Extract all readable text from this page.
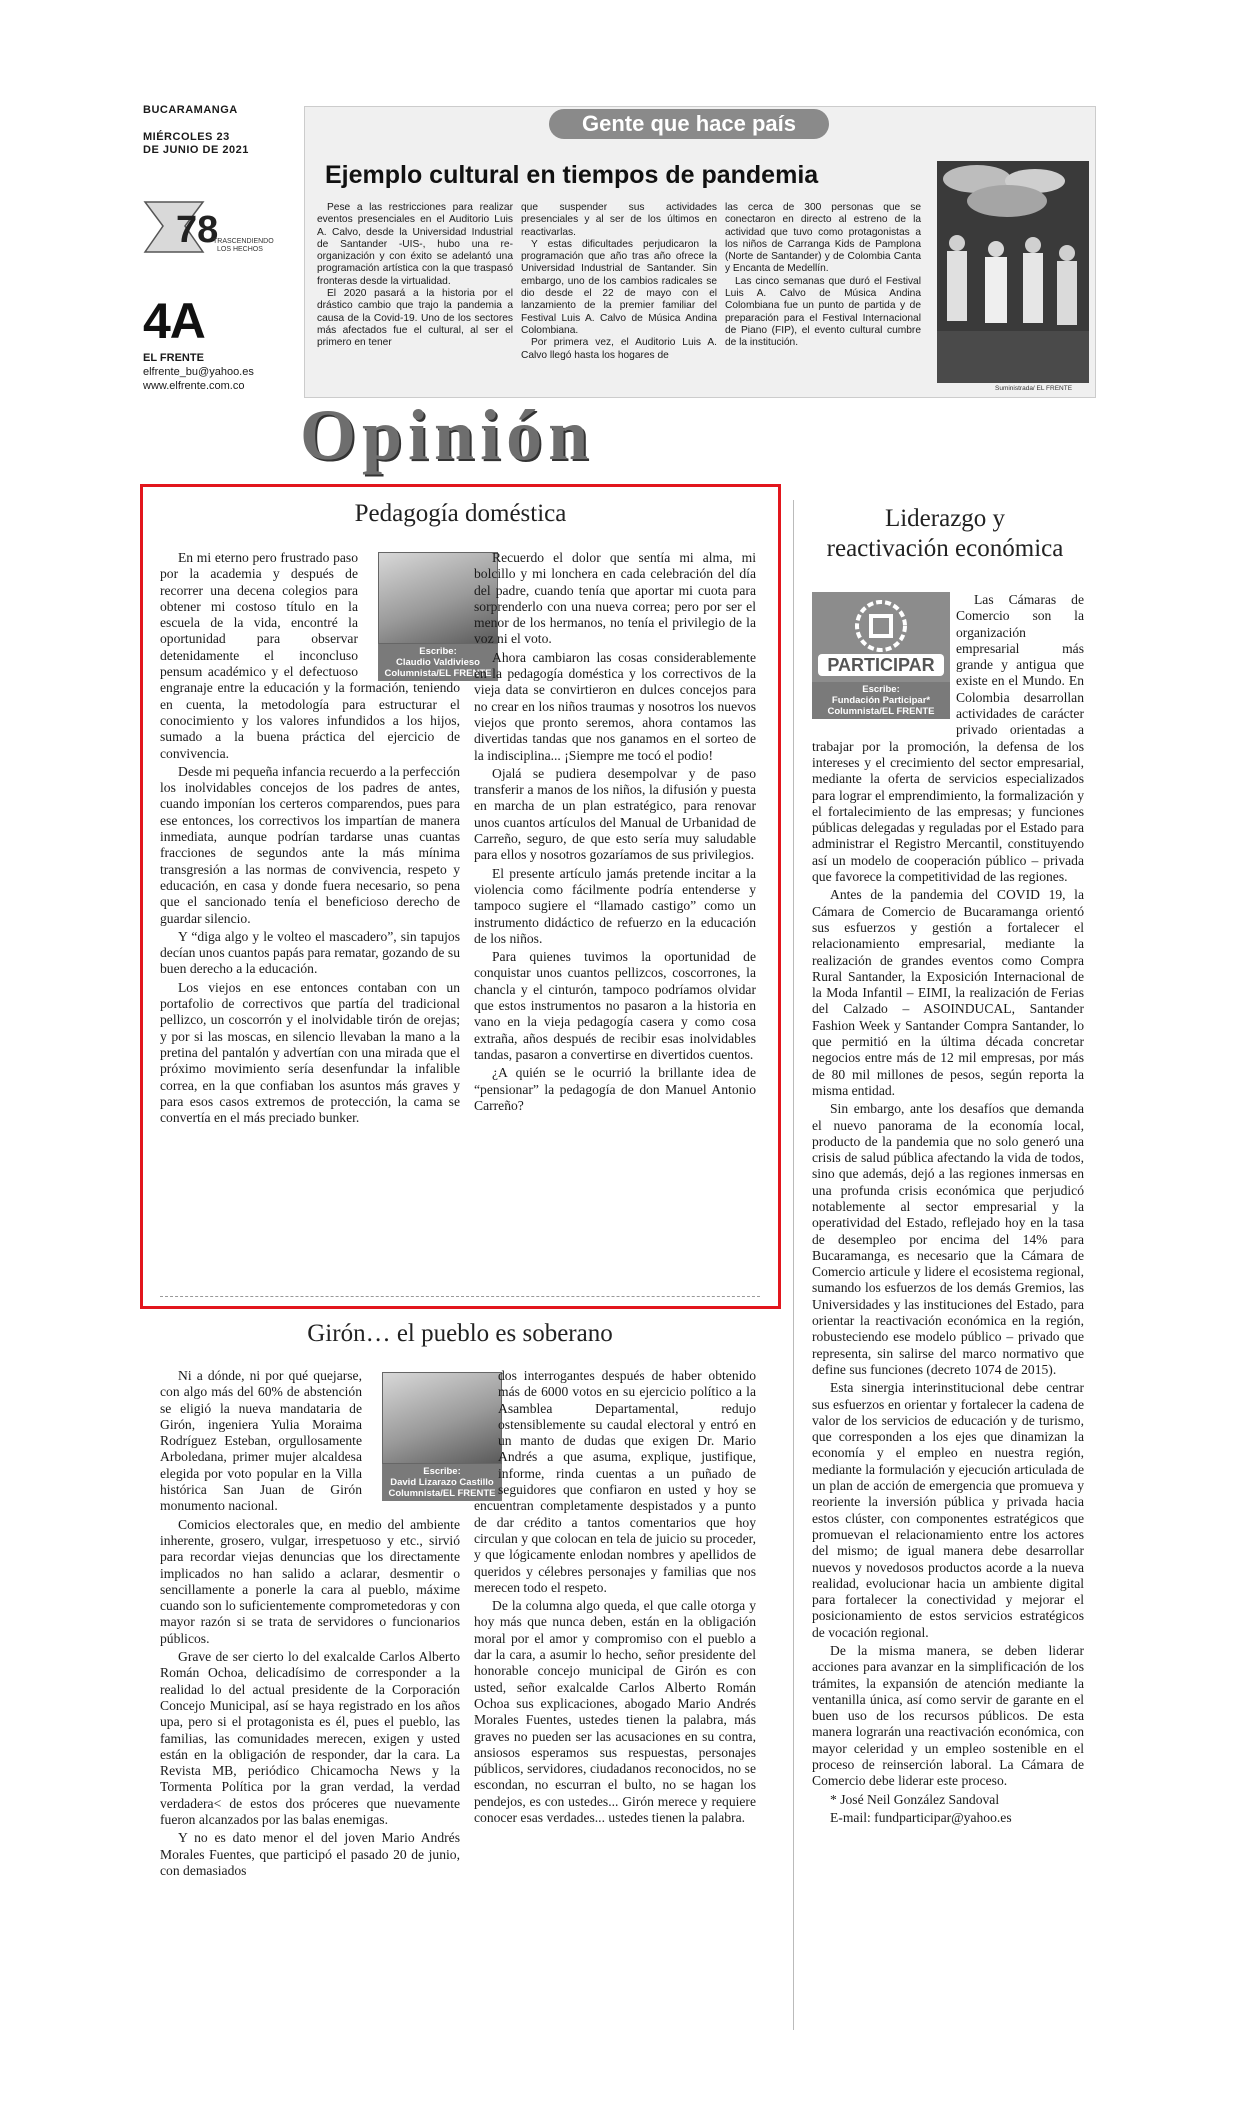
BUCARAMANGA
MIÉRCOLES 23
DE JUNIO DE 2021
78
TRASCENDIENDO
LOS HECHOS
4A
EL FRENTE
elfrente_bu@yahoo.es
www.elfrente.com.co
Gente que hace país
Ejemplo cultural en tiempos de pandemia

Pese a las restricciones para realizar eventos presenciales en el Auditorio Luis A. Calvo, desde la Universidad Industrial de Santander -UIS-, hubo una re- organización y con éxito se adelantó una programación artística con la que traspasó fronteras desde la virtualidad.

El 2020 pasará a la historia por el drástico cambio que trajo la pandemia a causa de la Covid-19. Uno de los sectores más afectados fue el cultural, al ser el primero en tener

que suspender sus actividades presenciales y al ser de los últimos en reactivarlas.

Y estas dificultades perjudicaron la programación que año tras año ofrece la Universidad Industrial de Santander. Sin embargo, uno de los cambios radicales se dio desde el 22 de mayo con el lanzamiento de la premier familiar del Festival Luis A. Calvo de Música Andina Colombiana.

Por primera vez, el Auditorio Luis A. Calvo llegó hasta los hogares de

las cerca de 300 personas que se conectaron en directo al estreno de la actividad que tuvo como protagonistas a los niños de Carranga Kids de Pamplona (Norte de Santander) y de Colombia Canta y Encanta de Medellín.

Las cinco semanas que duró el Festival Luis A. Calvo de Música Andina Colombiana fue un punto de partida y de preparación para el Festival Internacional de Piano (FIP), el evento cultural cumbre de la institución.

Suministrada/ EL FRENTE
Opinión
Pedagogía doméstica
Escribe:
Claudio Valdivieso
Columnista/EL FRENTE

En mi eterno pero frustrado paso por la academia y después de recorrer una decena colegios para obtener mi costoso título en la escuela de la vida, encontré la oportunidad para observar detenidamente el inconcluso pensum académico y el defectuoso engranaje entre la educación y la formación, teniendo en cuenta, la metodología para estructurar el conocimiento y los valores infundidos a los hijos, sumado a la buena práctica del ejercicio de convivencia.

Desde mi pequeña infancia recuerdo a la perfección los inolvidables concejos de los padres de antes, cuando imponían los certeros comparendos, pues para ese entonces, los correctivos los impartían de manera inmediata, aunque podrían tardarse unas cuantas fracciones de segundos ante la más mínima transgresión a las normas de convivencia, respeto y educación, en casa y donde fuera necesario, so pena que el sancionado tenía el beneficioso derecho de guardar silencio.

Y “diga algo y le volteo el mascadero”, sin tapujos decían unos cuantos papás para rematar, gozando de su buen derecho a la educación.

Los viejos en ese entonces contaban con un portafolio de correctivos que partía del tradicional pellizco, un coscorrón y el inolvidable tirón de orejas; y por si las moscas, en silencio llevaban la mano a la pretina del pantalón y advertían con una mirada que el próximo movimiento sería desenfundar la infalible correa, en la que confiaban los asuntos más graves y para esos casos extremos de protección, la cama se convertía en el más preciado bunker.

Recuerdo el dolor que sentía mi alma, mi bolcillo y mi lonchera en cada celebración del día del padre, cuando tenía que aportar mi cuota para sorprenderlo con una nueva correa; pero por ser el menor de los hermanos, no tenía el privilegio de la voz ni el voto.

Ahora cambiaron las cosas considerablemente en la pedagogía doméstica y los correctivos de la vieja data se convirtieron en dulces concejos para no crear en los niños traumas y nosotros los nuevos viejos que pronto seremos, ahora contamos las divertidas tandas que nos ganamos en el sorteo de la indisciplina... ¡Siempre me tocó el podio!

Ojalá se pudiera desempolvar y de paso transferir a manos de los niños, la difusión y puesta en marcha de un plan estratégico, para renovar unos cuantos artículos del Manual de Urbanidad de Carreño, seguro, de que esto sería muy saludable para ellos y nosotros gozaríamos de sus privilegios.

El presente artículo jamás pretende incitar a la violencia como fácilmente podría entenderse y tampoco sugiere el “llamado castigo” como un instrumento didáctico de refuerzo en la educación de los niños.

Para quienes tuvimos la oportunidad de conquistar unos cuantos pellizcos, coscorrones, la chancla y el cinturón, tampoco podríamos olvidar que estos instrumentos no pasaron a la historia en vano en la vieja pedagogía casera y como cosa extraña, años después de recibir esas inolvidables tandas, pasaron a convertirse en divertidos cuentos.

¿A quién se le ocurrió la brillante idea de “pensionar” la pedagogía de don Manuel Antonio Carreño?

Girón… el pueblo es soberano
Escribe:
David Lizarazo Castillo
Columnista/EL FRENTE

Ni a dónde, ni por qué quejarse, con algo más del 60% de abstención se eligió la nueva mandataria de Girón, ingeniera Yulia Moraima Rodríguez Esteban, orgullosamente Arboledana, primer mujer alcaldesa elegida por voto popular en la Villa histórica San Juan de Girón monumento nacional.

Comicios electorales que, en medio del ambiente inherente, grosero, vulgar, irrespetuoso y etc., sirvió para recordar viejas denuncias que los directamente implicados no han salido a aclarar, desmentir o sencillamente a ponerle la cara al pueblo, máxime cuando son lo suficientemente comprometedoras y con mayor razón si se trata de servidores o funcionarios públicos.

Grave de ser cierto lo del exalcalde Carlos Alberto Román Ochoa, delicadísimo de corresponder a la realidad lo del actual presidente de la Corporación Concejo Municipal, así se haya registrado en los años upa, pero si el protagonista es él, pues el pueblo, las familias, las comunidades merecen, exigen y usted están en la obligación de responder, dar la cara. La Revista MB, periódico Chicamocha News y la Tormenta Política por la gran verdad, la verdad verdadera< de estos dos próceres que nuevamente fueron alcanzados por las balas enemigas.

Y no es dato menor el del joven Mario Andrés Morales Fuentes, que participó el pasado 20 de junio, con demasiados

dos interrogantes después de haber obtenido más de 6000 votos en su ejercicio político a la Asamblea Departamental, redujo ostensiblemente su caudal electoral y entró en un manto de dudas que exigen Dr. Mario Andrés a que asuma, explique, justifique, informe, rinda cuentas a un puñado de seguidores que confiaron en usted y hoy se encuentran completamente despistados y a punto de dar crédito a tantos comentarios que hoy circulan y que colocan en tela de juicio su proceder, y que lógicamente enlodan nombres y apellidos de queridos y célebres personajes y familias que nos merecen todo el respeto.

De la columna algo queda, el que calle otorga y hoy más que nunca deben, están en la obligación moral por el amor y compromiso con el pueblo a dar la cara, a asumir lo hecho, señor presidente del honorable concejo municipal de Girón es con usted, señor exalcalde Carlos Alberto Román Ochoa sus explicaciones, abogado Mario Andrés Morales Fuentes, ustedes tienen la palabra, más graves no pueden ser las acusaciones en su contra, ansiosos esperamos sus respuestas, personajes públicos, servidores, ciudadanos reconocidos, no se escondan, no escurran el bulto, no se hagan los pendejos, es con ustedes... Girón merece y requiere conocer esas verdades... ustedes tienen la palabra.

Liderazgo y
reactivación económica
PARTICIPAR
Escribe:
Fundación Participar*
Columnista/EL FRENTE

Las Cámaras de Comercio son la organización empresarial más grande y antigua que existe en el Mundo. En Colombia desarrollan actividades de carácter privado orientadas a trabajar por la promoción, la defensa de los intereses y el crecimiento del sector empresarial, mediante la oferta de servicios especializados para lograr el emprendimiento, la formalización y el fortalecimiento de las empresas; y funciones públicas delegadas y reguladas por el Estado para administrar el Registro Mercantil, constituyendo así un modelo de cooperación público – privada que favorece la competitividad de las regiones.

Antes de la pandemia del COVID 19, la Cámara de Comercio de Bucaramanga orientó sus esfuerzos y gestión a fortalecer el relacionamiento empresarial, mediante la realización de grandes eventos como Compra Rural Santander, la Exposición Internacional de la Moda Infantil – EIMI, la realización de Ferias del Calzado – ASOINDUCAL, Santander Fashion Week y Santander Compra Santander, lo que permitió en la última década concretar negocios entre más de 12 mil empresas, por más de 80 mil millones de pesos, según reporta la misma entidad.

Sin embargo, ante los desafíos que demanda el nuevo panorama de la economía local, producto de la pandemia que no solo generó una crisis de salud pública afectando la vida de todos, sino que además, dejó a las regiones inmersas en una profunda crisis económica que perjudicó notablemente al sector empresarial y la operatividad del Estado, reflejado hoy en la tasa de desempleo por encima del 14% para Bucaramanga, es necesario que la Cámara de Comercio articule y lidere el ecosistema regional, sumando los esfuerzos de los demás Gremios, las Universidades y las instituciones del Estado, para orientar la reactivación económica en la región, robusteciendo ese modelo público – privado que representa, sin salirse del marco normativo que define sus funciones (decreto 1074 de 2015).

Esta sinergia interinstitucional debe centrar sus esfuerzos en orientar y fortalecer la cadena de valor de los servicios de educación y de turismo, que corresponden a los ejes que dinamizan la economía y el empleo en nuestra región, mediante la formulación y ejecución articulada de un plan de acción de emergencia que promueva y reoriente la inversión pública y privada hacia estos clúster, con componentes estratégicos que promuevan el relacionamiento entre los actores del mismo; de igual manera debe desarrollar nuevos y novedosos productos acorde a la nueva realidad, evolucionar hacia un ambiente digital para fortalecer la conectividad y mejorar el posicionamiento de estos servicios estratégicos de vocación regional.

De la misma manera, se deben liderar acciones para avanzar en la simplificación de los trámites, la expansión de atención mediante la ventanilla única, así como servir de garante en el buen uso de los recursos públicos. De esta manera lograrán una reactivación económica, con mayor celeridad y un empleo sostenible en el proceso de reinserción laboral. La Cámara de Comercio debe liderar este proceso.

* José Neil González Sandoval

E-mail: fundparticipar@yahoo.es
